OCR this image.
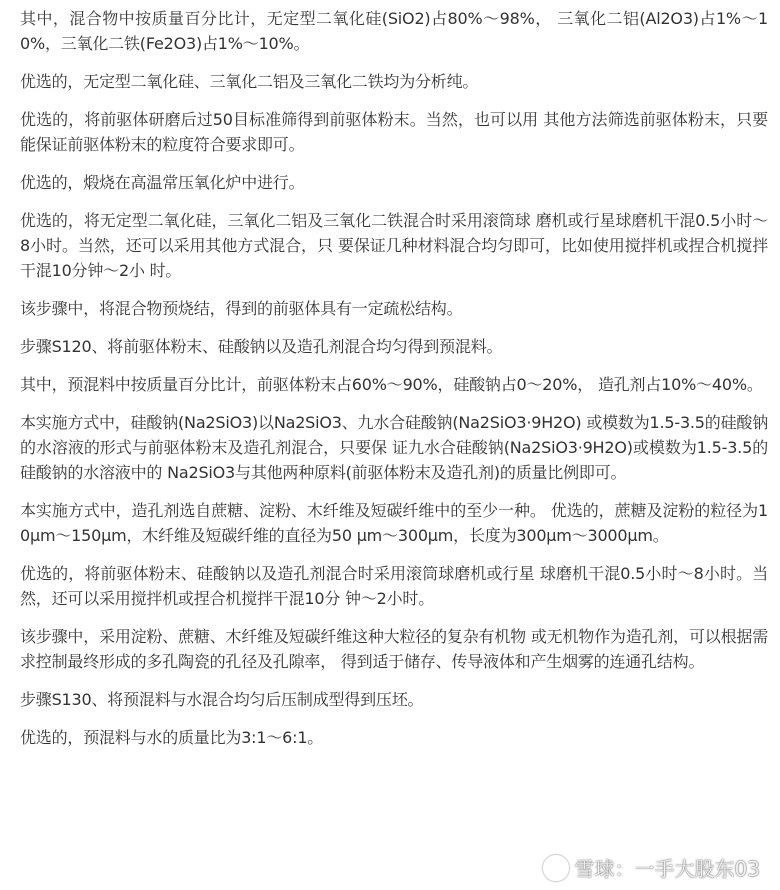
其中，混合物中按质量百分比计，无定型二氧化硅(SiO2)占80%～98%， 三氧化二铝(Al2O3)占1%～10%，三氧化二铁(Fe2O3)占1%～10%。

优选的，无定型二氧化硅、三氧化二铝及三氧化二铁均为分析纯。

优选的，将前驱体研磨后过50目标准筛得到前驱体粉末。当然，也可以用 其他方法筛选前驱体粉末，只要能保证前驱体粉末的粒度符合要求即可。

优选的，煅烧在高温常压氧化炉中进行。

优选的，将无定型二氧化硅，三氧化二铝及三氧化二铁混合时采用滚筒球 磨机或行星球磨机干混0.5小时～8小时。当然，还可以采用其他方式混合，只 要保证几种材料混合均匀即可，比如使用搅拌机或捏合机搅拌干混10分钟～2小 时。

该步骤中，将混合物预烧结，得到的前驱体具有一定疏松结构。

步骤S120、将前驱体粉末、硅酸钠以及造孔剂混合均匀得到预混料。

其中，预混料中按质量百分比计，前驱体粉末占60%～90%，硅酸钠占0～20%， 造孔剂占10%～40%。

本实施方式中，硅酸钠(Na2SiO3)以Na2SiO3、九水合硅酸钠(Na2SiO3·9H2O) 或模数为1.5-3.5的硅酸钠的水溶液的形式与前驱体粉末及造孔剂混合，只要保 证九水合硅酸钠(Na2SiO3·9H2O)或模数为1.5-3.5的硅酸钠的水溶液中的 Na2SiO3与其他两种原料(前驱体粉末及造孔剂)的质量比例即可。

本实施方式中，造孔剂选自蔗糖、淀粉、木纤维及短碳纤维中的至少一种。 优选的，蔗糖及淀粉的粒径为10μm～150μm，木纤维及短碳纤维的直径为50 μm～300μm，长度为300μm～3000μm。

优选的，将前驱体粉末、硅酸钠以及造孔剂混合时采用滚筒球磨机或行星 球磨机干混0.5小时～8小时。当然，还可以采用搅拌机或捏合机搅拌干混10分 钟～2小时。

该步骤中，采用淀粉、蔗糖、木纤维及短碳纤维这种大粒径的复杂有机物 或无机物作为造孔剂，可以根据需求控制最终形成的多孔陶瓷的孔径及孔隙率， 得到适于储存、传导液体和产生烟雾的连通孔结构。

步骤S130、将预混料与水混合均匀后压制成型得到压坯。

优选的，预混料与水的质量比为3:1～6:1。

雪球：一手大股东03
